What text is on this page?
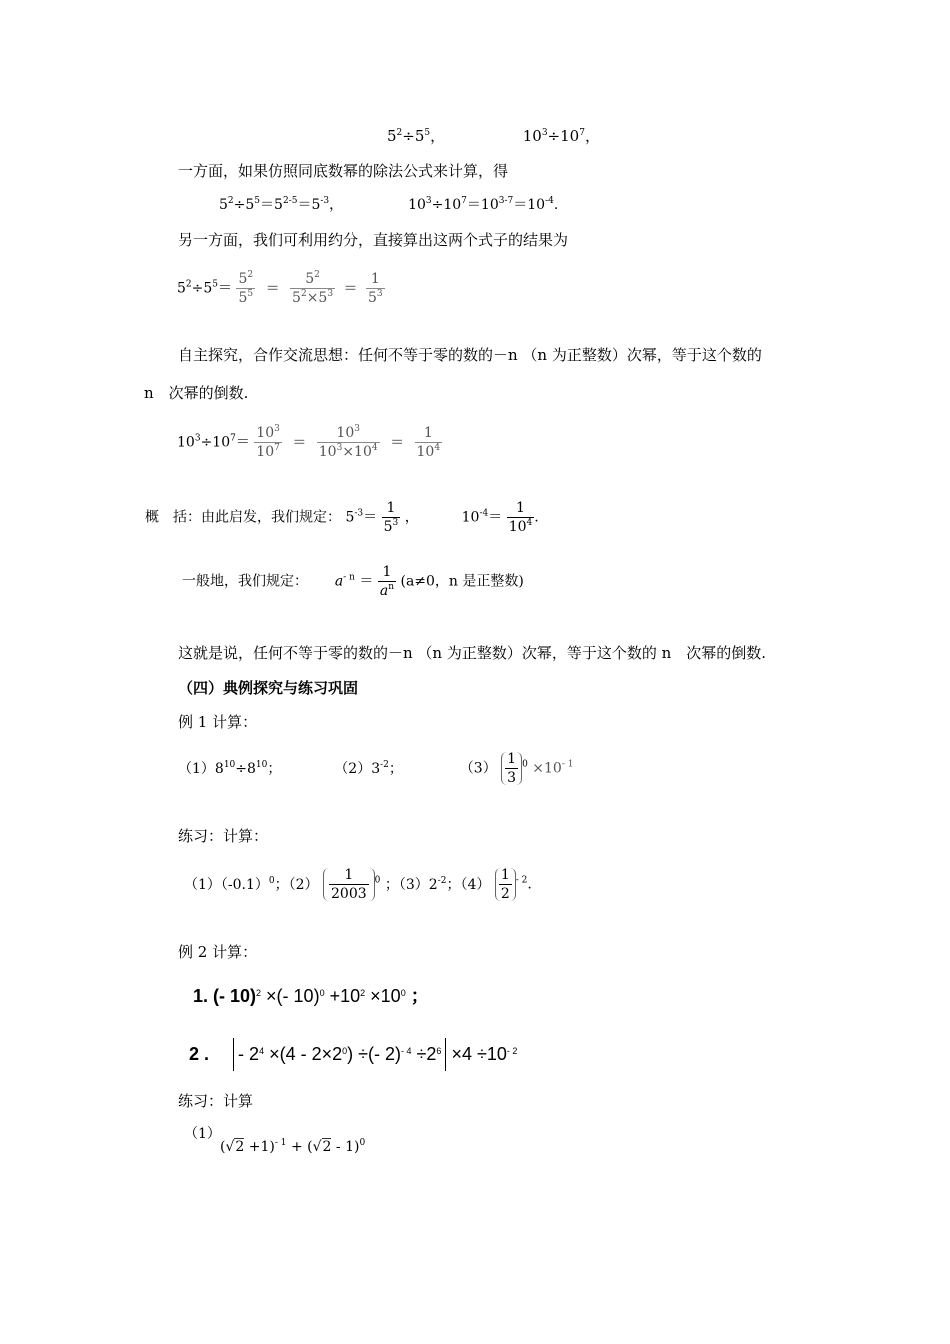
$5^2\div 5^5$，	$10^3\div 10^7$，
一方面，如果仿照同底数幂的除法公式来计算，得
$5^2\div 5^5=5^{2-5}=5^{-3}$，	$10^3\div 10^7=10^{3-7}=10^{-4}$.
另一方面，我们可利用约分，直接算出这两个式子的结果为
$5^2\div 5^5= \frac{5^2}{5^5} = \frac{5^2}{5^2\times 5^3} = \frac{1}{5^3}$
自主探究，合作交流思想：任何不等于零的数的－n （n 为正整数）次幂，等于这个数的
n　次幂的倒数.
$10^3\div 10^7= \frac{10^3}{10^7} = \frac{10^3}{10^3\times 10^4} = \frac{1}{10^4}$
概　括：由此启发，我们规定： $5^{-3}= \frac{1}{5^3}$ ，	$10^{-4}= \frac{1}{10^4}$ .
一般地，我们规定： $a^{- n} = \frac{1}{a^n} (a\ne 0$，n 是正整数)
这就是说，任何不等于零的数的－n （n 为正整数）次幂，等于这个数的 n　次幂的倒数.
（四）典例探究与练习巩固
例 1 计算：
$(1)8^{10}\div 8^{10}$；	$(2)3^{-2}$；	$(3) \frac{1}{3} ^0 \times 10^{- 1}$
练习：计算：
$(1)(-0.1)^0$；$(2) \frac{1}{2003} ^0$ ；$(3)2^{-2}$；$(4) \frac{1}{2} ^{- 2}$.
例 2 计算：
1. (- 10)$^2$ ×(- $10)^0 +10^2 \times 10^0$ ；
2 . - $2^4 \times(4 - 2\times 2^0)$ ÷(- $2)^{- 4} \div 2^6 \times 4 \div 10^{- 2}$
练习：计算
（1）
$(√2 +1)^{- 1} + (√2 - 1)^0$
